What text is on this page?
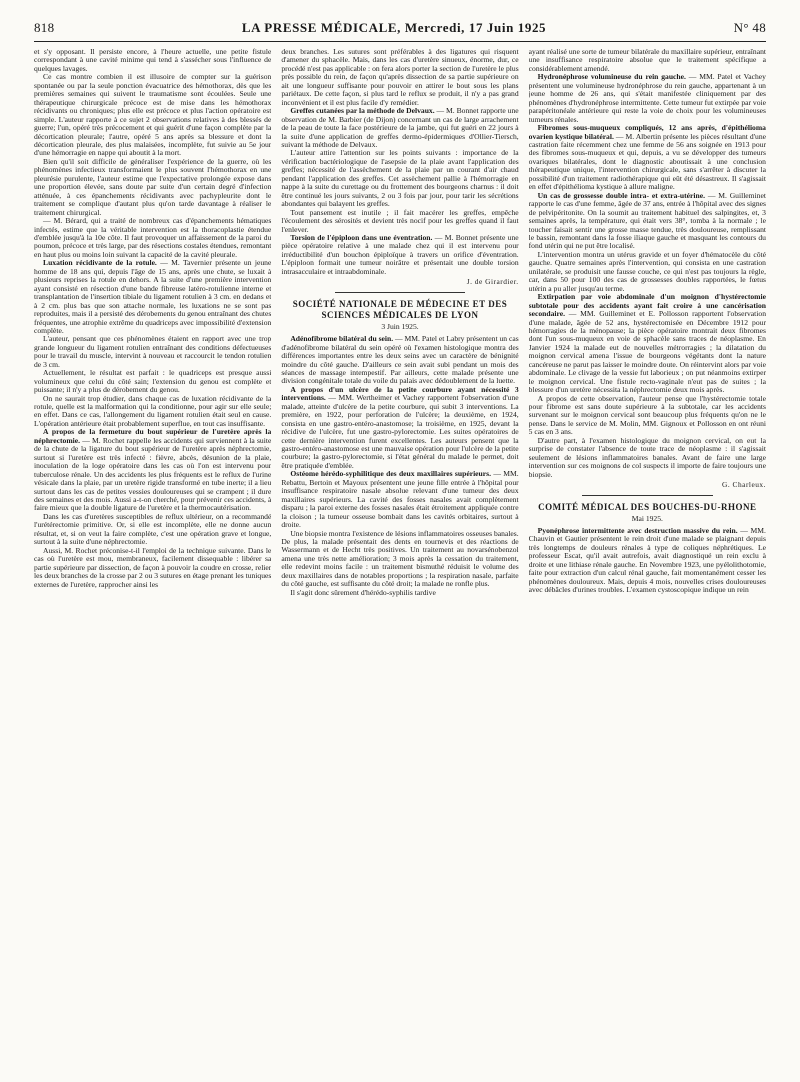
818	LA PRESSE MÉDICALE, Mercredi, 17 Juin 1925	N° 48

et s'y opposant. Il persiste encore, à l'heure actuelle, une petite fistule correspondant à une cavité minime qui tend à s'assécher sous l'influence de quelques lavages.

Ce cas montre combien il est illusoire de compter sur la guérison spontanée ou par la seule ponction évacuatrice des hémothorax, dès que les premières semaines qui suivent le traumatisme sont écoulées. Seule une thérapeutique chirurgicale précoce est de mise dans les hémothorax récidivants ou chroniques; plus elle est précoce et plus l'action opératoire est simple. L'auteur rapporte à ce sujet 2 observations relatives à des blessés de guerre; l'un, opéré très précocement et qui guérit d'une façon complète par la décortication pleurale; l'autre, opéré 5 ans après sa blessure et dont la décortication pleurale, des plus malaisées, incomplète, fut suivie au 5e jour d'une hémorragie en nappe qui aboutit à la mort.

Bien qu'il soit difficile de généraliser l'expérience de la guerre, où les phénomènes infectieux transformaient le plus souvent l'hémothorax en une pleurésie purulente, l'auteur estime que l'expectative prolongée expose dans une proportion élevée, sans doute par suite d'un certain degré d'infection atténuée, à ces épanchements récidivants avec pachypleurite dont le traitement se complique d'autant plus qu'on tarde davantage à réaliser le traitement chirurgical.

— M. Bérard, qui a traité de nombreux cas d'épanchements hématiques infectés, estime que la véritable intervention est la thoracoplastie étendue d'emblée jusqu'à la 10e côte. Il faut provoquer un affaissement de la paroi du poumon, précoce et très large, par des résections costales étendues, remontant en haut plus ou moins loin suivant la capacité de la cavité pleurale.

Luxation récidivante de la rotule. — M. Tavernier présente un jeune homme de 18 ans qui, depuis l'âge de 15 ans, après une chute, se luxait à plusieurs reprises la rotule en dehors. A la suite d'une première intervention ayant consisté en résection d'une bande fibreuse latéro-rotulienne interne et transplantation de l'insertion tibiale du ligament rotulien à 3 cm. en dedans et à 2 cm. plus bas que son attache normale, les luxations ne se sont pas reproduites, mais il a persisté des dérobements du genou entraînant des chutes fréquentes, une atrophie extrême du quadriceps avec impossibilité d'extension complète.

L'auteur, pensant que ces phénomènes étaient en rapport avec une trop grande longueur du ligament rotulien entraînant des conditions défectueuses pour le travail du muscle, intervint à nouveau et raccourcit le tendon rotulien de 3 cm.

Actuellement, le résultat est parfait : le quadriceps est presque aussi volumineux que celui du côté sain; l'extension du genou est complète et puissante; il n'y a plus de dérobement du genou.

On ne saurait trop étudier, dans chaque cas de luxation récidivante de la rotule, quelle est la malformation qui la conditionne, pour agir sur elle seule; en effet. Dans ce cas, l'allongement du ligament rotulien était seul en cause. L'opération antérieure était probablement superflue, en tout cas insuffisante.

A propos de la fermeture du bout supérieur de l'uretère après la néphrectomie. — M. Rochet rappelle les accidents qui surviennent à la suite de la chute de la ligature du bout supérieur de l'uretère après néphrectomie, surtout si l'uretère est très infecté : fièvre, abcès, désunion de la plaie, inoculation de la loge opératoire dans les cas où l'on est intervenu pour tuberculose rénale. Un des accidents les plus fréquents est le reflux de l'urine vésicale dans la plaie, par un uretère rigide transformé en tube inerte; il a lieu surtout dans les cas de petites vessies douloureuses qui se crampent ; il dure des semaines et des mois. Aussi a-t-on cherché, pour prévenir ces accidents, à faire mieux que la double ligature de l'uretère et la thermocautérisation.

Dans les cas d'uretères susceptibles de reflux ultérieur, on a recommandé l'urétérectomie primitive. Or, si elle est incomplète, elle ne donne aucun résultat, et, si on veut la faire complète, c'est une opération grave et longue, surtout à la suite d'une néphrectomie.

Aussi, M. Rochet préconise-t-il l'emploi de la technique suivante. Dans le cas où l'uretère est mou, membraneux, facilement dissequable : libérer sa partie supérieure par dissection, de façon à pouvoir la coudre en crosse, relier les deux branches de la crosse par 2 ou 3 sutures en étage prenant les tuniques externes de l'uretère, rapprocher ainsi les

deux branches. Les sutures sont préférables à des ligatures qui risquent d'amener du sphacèle. Mais, dans les cas d'uretère sinueux, énorme, dur, ce procédé n'est pas applicable : on fera alors porter la section de l'uretère le plus près possible du rein, de façon qu'après dissection de sa partie supérieure on ait une longueur suffisante pour pouvoir en attirer le bout sous les plans pariétaux. De cette façon, si plus tard le reflux se produit, il n'y a pas grand inconvénient et il est plus facile d'y remédier.

Greffes cutanées par la méthode de Delvaux. — M. Bonnet rapporte une observation de M. Barbier (de Dijon) concernant un cas de large arrachement de la peau de toute la face postérieure de la jambe, qui fut guéri en 22 jours à la suite d'une application de greffes dermo-épidermiques d'Ollier-Tiersch, suivant la méthode de Delvaux.

L'auteur attire l'attention sur les points suivants : importance de la vérification bactériologique de l'asepsie de la plaie avant l'application des greffes; nécessité de l'assèchement de la plaie par un courant d'air chaud pendant l'application des greffes. Cet assèchement pallie à l'hémorragie en nappe à la suite du curettage ou du frottement des bourgeons charnus : il doit être continué les jours suivants, 2 ou 3 fois par jour, pour tarir les sécrétions abondantes qui balayent les greffes.

Tout pansement est inutile ; il fait macérer les greffes, empêche l'écoulement des sérosités et devient très nocif pour les greffes quand il faut l'enlever.

Torsion de l'épiploon dans une éventration. — M. Bonnet présente une pièce opératoire relative à une malade chez qui il est intervenu pour irréductibilité d'un bouchon épiploïque à travers un orifice d'éventration. L'épiploon formait une tumeur noirâtre et présentait une double torsion intrasacculaire et intraabdominale.

J. de Girardier.
SOCIÉTÉ NATIONALE DE MÉDECINE ET DES SCIENCES MÉDICALES DE LYON
3 Juin 1925.

Adénofibrome bilatéral du sein. — MM. Patel et Labry présentent un cas d'adénofibrome bilatéral du sein opéré où l'examen histologique montra des différences importantes entre les deux seins avec un caractère de bénignité moindre du côté gauche. D'ailleurs ce sein avait subi pendant un mois des séances de massage intempestif. Par ailleurs, cette malade présente une division congénitale totale du voile du palais avec dédoublement de la luette.

A propos d'un ulcère de la petite courbure ayant nécessité 3 interventions. — MM. Wertheimer et Vachey rapportent l'observation d'une malade, atteinte d'ulcère de la petite courbure, qui subit 3 interventions. La première, en 1922, pour perforation de l'ulcère; la deuxième, en 1924, consista en une gastro-entéro-anastomose; la troisième, en 1925, devant la récidive de l'ulcère, fut une gastro-pylorectomie. Les suites opératoires de cette dernière intervention furent excellentes. Les auteurs pensent que la gastro-entéro-anastomose est une mauvaise opération pour l'ulcère de la petite courbure; la gastro-pylorectomie, si l'état général du malade le permet, doit être pratiquée d'emblée.

Ostéome hérédo-syphilitique des deux maxillaires supérieurs. — MM. Rebattu, Bertoin et Mayoux présentent une jeune fille entrée à l'hôpital pour insuffisance respiratoire nasale absolue relevant d'une tumeur des deux maxillaires supérieurs. La cavité des fosses nasales avait complètement disparu ; la paroi externe des fosses nasales était étroitement appliquée contre la cloison ; la tumeur osseuse bombait dans les cavités orbitaires, surtout à droite.

Une biopsie montra l'existence de lésions inflammatoires osseuses banales. De plus, la malade présentait des dents en tournevis et des réactions de Wassermann et de Hecht très positives. Un traitement au novarsénobenzol amena une très nette amélioration; 3 mois après la cessation du traitement, elle redevint moins facile : un traitement bismuthé réduisit le volume des deux maxillaires dans de notables proportions ; la respiration nasale, parfaite du côté gauche, est suffisante du côté droit; la malade ne ronfle plus.

Il s'agit donc sûrement d'hérédo-syphilis tardive

ayant réalisé une sorte de tumeur bilatérale du maxillaire supérieur, entraînant une insuffisance respiratoire absolue que le traitement spécifique a considérablement amendé.

Hydronéphrose volumineuse du rein gauche. — MM. Patel et Vachey présentent une volumineuse hydronéphrose du rein gauche, appartenant à un jeune homme de 26 ans, qui s'était manifestée cliniquement par des phénomènes d'hydronéphrose intermittente. Cette tumeur fut extirpée par voie parapéritonéale antérieure qui reste la voie de choix pour les volumineuses tumeurs rénales.

Fibromes sous-muqueux compliqués, 12 ans après, d'épithélioma ovarien kystique bilatéral. — M. Albertin présente les pièces résultant d'une castration faite récemment chez une femme de 56 ans soignée en 1913 pour des fibromes sous-muqueux et qui, depuis, a vu se développer des tumeurs ovariques bilatérales, dont le diagnostic aboutissait à une conclusion thérapeutique unique, l'intervention chirurgicale, sans s'arrêter à discuter la possibilité d'un traitement radiothérapique qui eût été désastreux. Il s'agissait en effet d'épithélioma kystique à allure maligne.

Un cas de grossesse double intra- et extra-utérine. — M. Guilleminet rapporte le cas d'une femme, âgée de 37 ans, entrée à l'hôpital avec des signes de pelvipéritonite. On la soumit au traitement habituel des salpingites, et, 3 semaines après, la température, qui était vers 38°, tomba à la normale ; le toucher faisait sentir une grosse masse tendue, très douloureuse, remplissant le bassin, remontant dans la fosse iliaque gauche et masquant les contours du fond utérin qui ne put être localisé.

L'intervention montra un utérus gravide et un foyer d'hématocèle du côté gauche. Quatre semaines après l'intervention, qui consista en une castration unilatérale, se produisit une fausse couche, ce qui n'est pas toujours la règle, car, dans 50 pour 100 des cas de grossesses doubles rapportées, le fœtus utérin a pu aller jusqu'au terme.

Extirpation par voie abdominale d'un moignon d'hystérectomie subtotale pour des accidents ayant fait croire à une cancérisation secondaire. — MM. Guilleminet et E. Pollosson rapportent l'observation d'une malade, âgée de 52 ans, hystérectomisée en Décembre 1912 pour hémorragies de la ménopause; la pièce opératoire montrait deux fibromes dont l'un sous-muqueux en voie de sphacèle sans traces de néoplasme. En Janvier 1924 la malade eut de nouvelles métrorragies ; la dilatation du moignon cervical amena l'issue de bourgeons végétants dont la nature cancéreuse ne parut pas laisser le moindre doute. On réintervint alors par voie abdominale. Le clivage de la vessie fut laborieux ; on put néanmoins extirper le moignon cervical. Une fistule recto-vaginale n'eut pas de suites ; la blessure d'un uretère nécessita la néphrectomie deux mois après.

A propos de cette observation, l'auteur pense que l'hystérectomie totale pour fibrome est sans doute supérieure à la subtotale, car les accidents survenant sur le moignon cervical sont beaucoup plus fréquents qu'on ne le pense. Dans le service de M. Molin, MM. Gignoux et Pollosson en ont réuni 5 cas en 3 ans.

D'autre part, à l'examen histologique du moignon cervical, on eut la surprise de constater l'absence de toute trace de néoplasme : il s'agissait seulement de lésions inflammatoires banales. Avant de faire une large intervention sur ces moignons de col suspects il importe de faire toujours une biopsie.

G. Charleux.
COMITÉ MÉDICAL DES BOUCHES-DU-RHONE
Mai 1925.

Pyonéphrose intermittente avec destruction massive du rein. — MM. Chauvin et Gautier présentent le rein droit d'une malade se plaignant depuis très longtemps de douleurs rénales à type de coliques néphrétiques. Le professeur Escat, qu'il avait autrefois, avait diagnostiqué un rein exclu à droite et une lithiase rénale gauche. En Novembre 1923, une pyélolithotomie, faite pour extraction d'un calcul rénal gauche, fait momentanément cesser les phénomènes douloureux. Mais, depuis 4 mois, nouvelles crises douloureuses avec débâcles d'urines troubles. L'examen cystoscopique indique un rein
